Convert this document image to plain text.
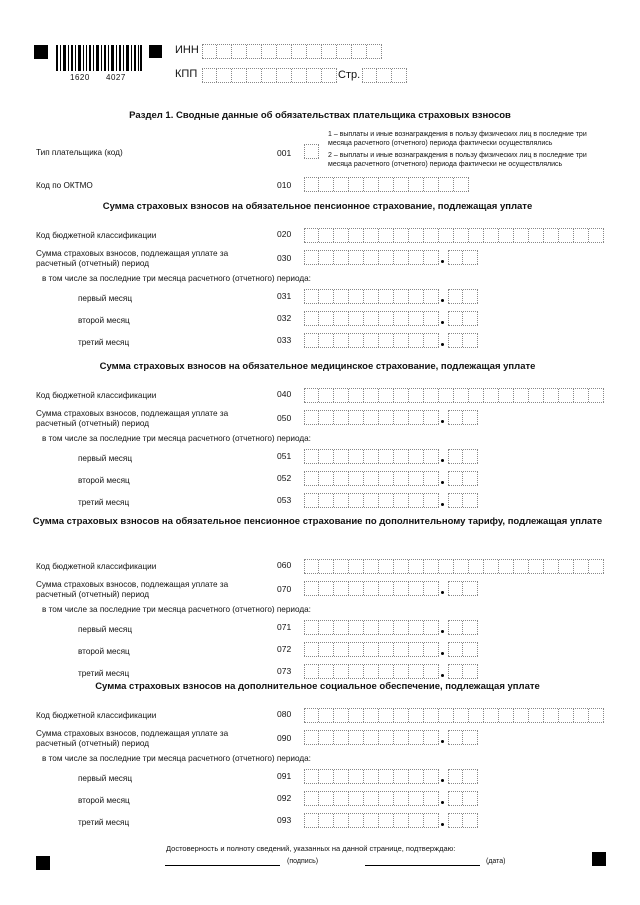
1620 4027
ИНН
КПП	Стр.
Раздел 1. Сводные данные об обязательствах плательщика страховых взносов
Тип плательщика (код)	001
1 – выплаты и иные вознаграждения в пользу физических лиц в последние три месяца расчетного (отчетного) периода фактически осуществлялись
2 – выплаты и иные вознаграждения в пользу физических лиц в последние три месяца расчетного (отчетного) периода фактически не осуществлялись
Код по ОКТМО	010
Сумма страховых взносов на обязательное пенсионное страхование, подлежащая уплате
Код бюджетной классификации	020
Сумма страховых взносов, подлежащая уплате за расчетный (отчетный) период
030
в том числе за последние три месяца расчетного (отчетного) периода:
первый месяц	031
второй месяц	032
третий месяц	033
Сумма страховых взносов на обязательное медицинское страхование, подлежащая уплате
Код бюджетной классификации	040
Сумма страховых взносов, подлежащая уплате за расчетный (отчетный) период
050
в том числе за последние три месяца расчетного (отчетного) периода:
первый месяц	051
второй месяц	052
третий месяц	053
Сумма страховых взносов на обязательное пенсионное страхование по дополнительному тарифу, подлежащая уплате
Код бюджетной классификации	060
Сумма страховых взносов, подлежащая уплате за расчетный (отчетный) период
070
в том числе за последние три месяца расчетного (отчетного) периода:
первый месяц	071
второй месяц	072
третий месяц	073
Сумма страховых взносов на дополнительное социальное обеспечение, подлежащая уплате
Код бюджетной классификации	080
Сумма страховых взносов, подлежащая уплате за расчетный (отчетный) период
090
в том числе за последние три месяца расчетного (отчетного) периода:
первый месяц	091
второй месяц	092
третий месяц	093
Достоверность и полноту сведений, указанных на данной странице, подтверждаю:
(подпись)	(дата)
